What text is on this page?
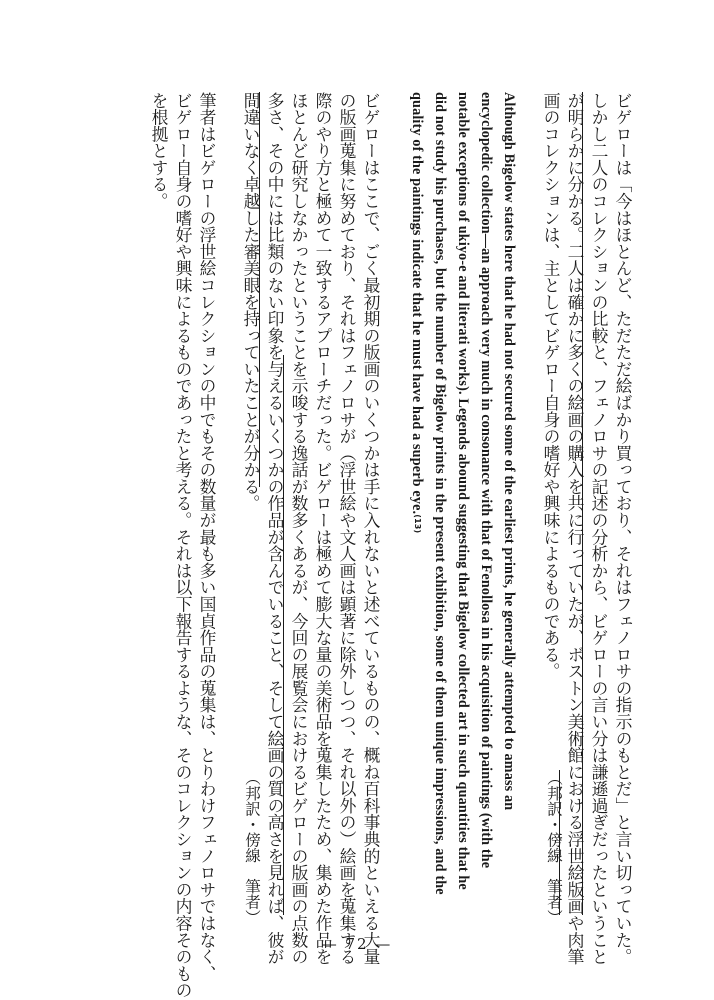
ビゲローは「今はほとんど、ただただ絵ばかり買っており、それはフェノロサの指示のもとだ」と言い切っていた。
しかし二人のコレクションの比較と、フェノロサの記述の分析から、ビゲローの言い分は謙遜過ぎだったということ
が明らかに分かる。二人は確かに多くの絵画の購入を共に行っていたが、ボストン美術館における浮世絵版画や肉筆
画のコレクションは、主としてビゲロー自身の嗜好や興味によるものである。
（邦訳・傍線　筆者）
Although Bigelow states here that he had not secured some of the earliest prints, he generally attempted to amass an
encyclopedic collection—an approach very much in consonance with that of Fenollosa in his acquisition of paintings (with the
notable exceptions of ukiyo-e and literati works). Legends abound suggesting that Bigelow collected art in such quantities that he
did not study his purchases, but the number of Bigelow prints in the present exhibition, some of them unique impressions, and the
quality of the paintings indicate that he must have had a superb eye.(13)
ビゲローはここで、ごく最初期の版画のいくつかは手に入れないと述べているものの、概ね百科事典的といえる大量
の版画蒐集に努めており、それはフェノロサが（浮世絵や文人画は顕著に除外しつつ、それ以外の）絵画を蒐集する
際のやり方と極めて一致するアプローチだった。ビゲローは極めて膨大な量の美術品を蒐集したため、集めた作品を
ほとんど研究しなかったということを示唆する逸話が数多くあるが、今回の展覧会におけるビゲローの版画の点数の
多さ、その中には比類のない印象を与えるいくつかの作品が含んでいること、そして絵画の質の高さを見れば、彼が
間違いなく卓越した審美眼を持っていたことが分かる。
（邦訳・傍線　筆者）
筆者はビゲローの浮世絵コレクションの中でもその数量が最も多い国貞作品の蒐集は、とりわけフェノロサではなく、
ビゲロー自身の嗜好や興味によるものであったと考える。それは以下報告するような、そのコレクションの内容そのもの
を根拠とする。
— 72 —
